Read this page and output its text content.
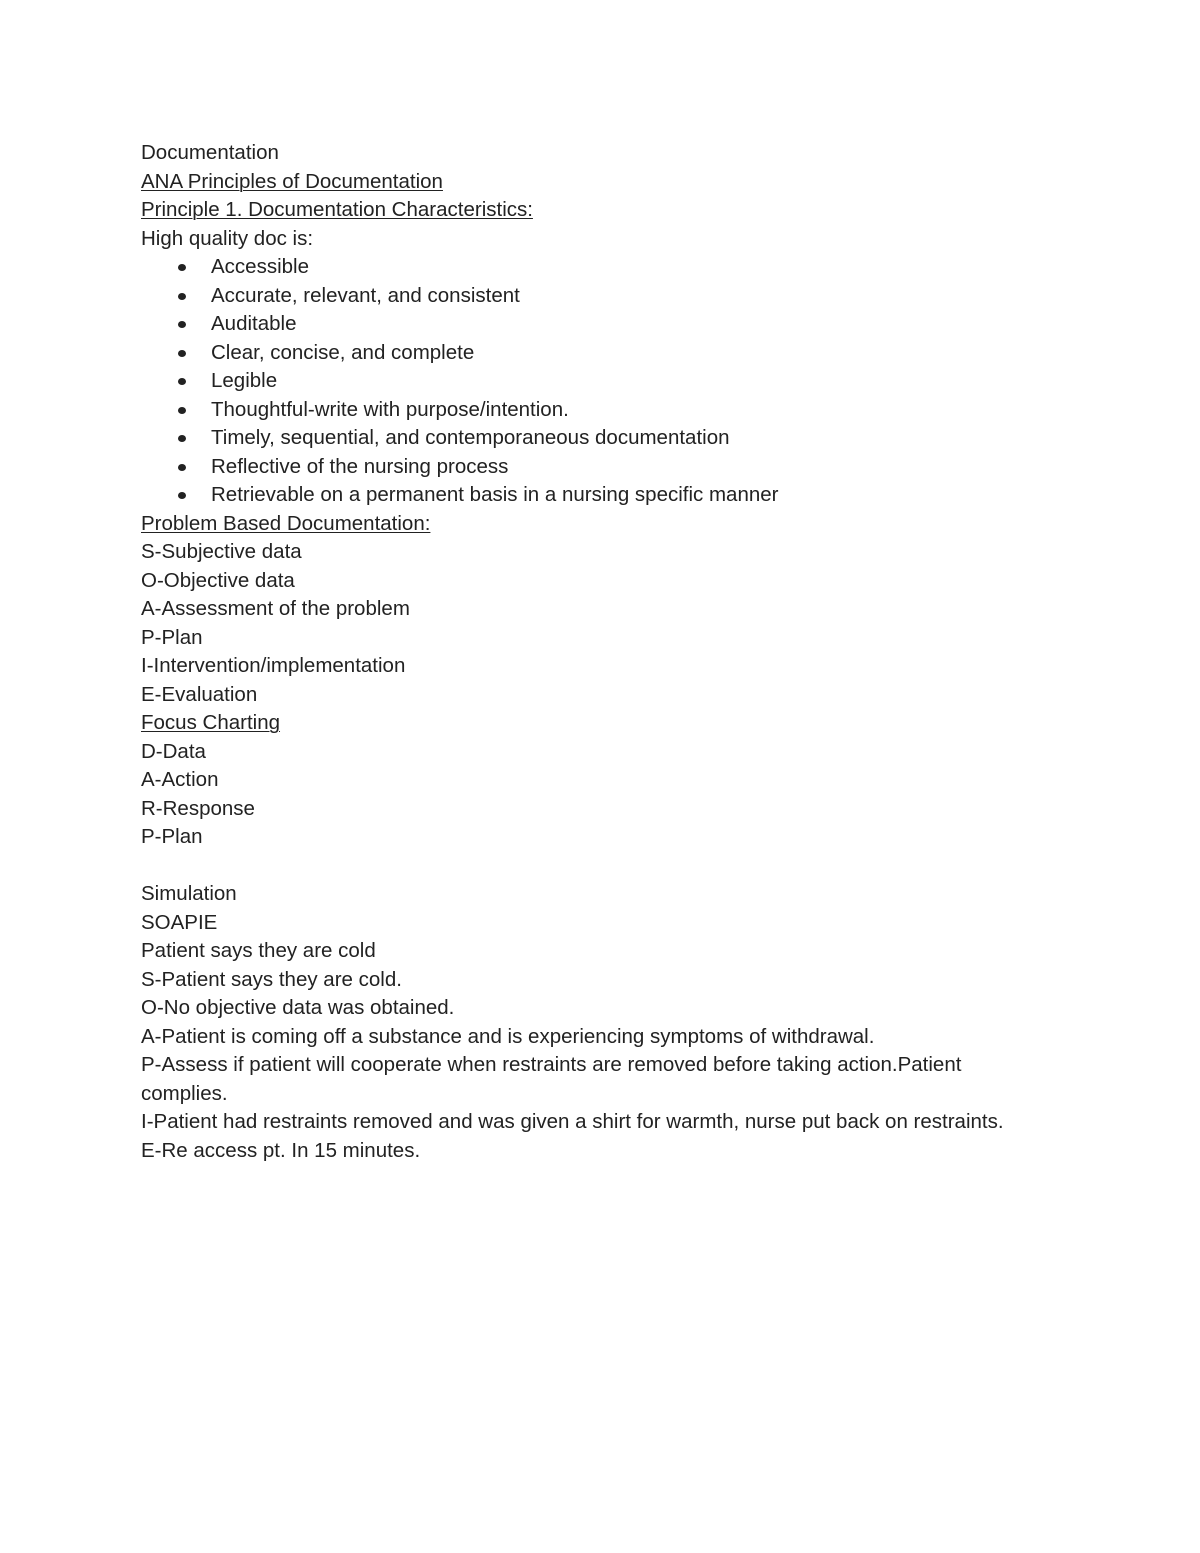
Documentation

ANA Principles of Documentation

Principle 1. Documentation Characteristics:

High quality doc is:

Accessible
Accurate, relevant, and consistent
Auditable
Clear, concise, and complete
Legible
Thoughtful-write with purpose/intention.
Timely, sequential, and contemporaneous documentation
Reflective of the nursing process
Retrievable on a permanent basis in a nursing specific manner

Problem Based Documentation:

S-Subjective data

O-Objective data

A-Assessment of the problem

P-Plan

I-Intervention/implementation

E-Evaluation

Focus Charting

D-Data

A-Action

R-Response

P-Plan

Simulation

SOAPIE

Patient says they are cold

S-Patient says they are cold.

O-No objective data was obtained.

A-Patient is coming off a substance and is experiencing symptoms of withdrawal.

P-Assess if patient will cooperate when restraints are removed before taking action.Patient

complies.

I-Patient had restraints removed and was given a shirt for warmth, nurse put back on restraints.

E-Re access pt. In 15 minutes.
